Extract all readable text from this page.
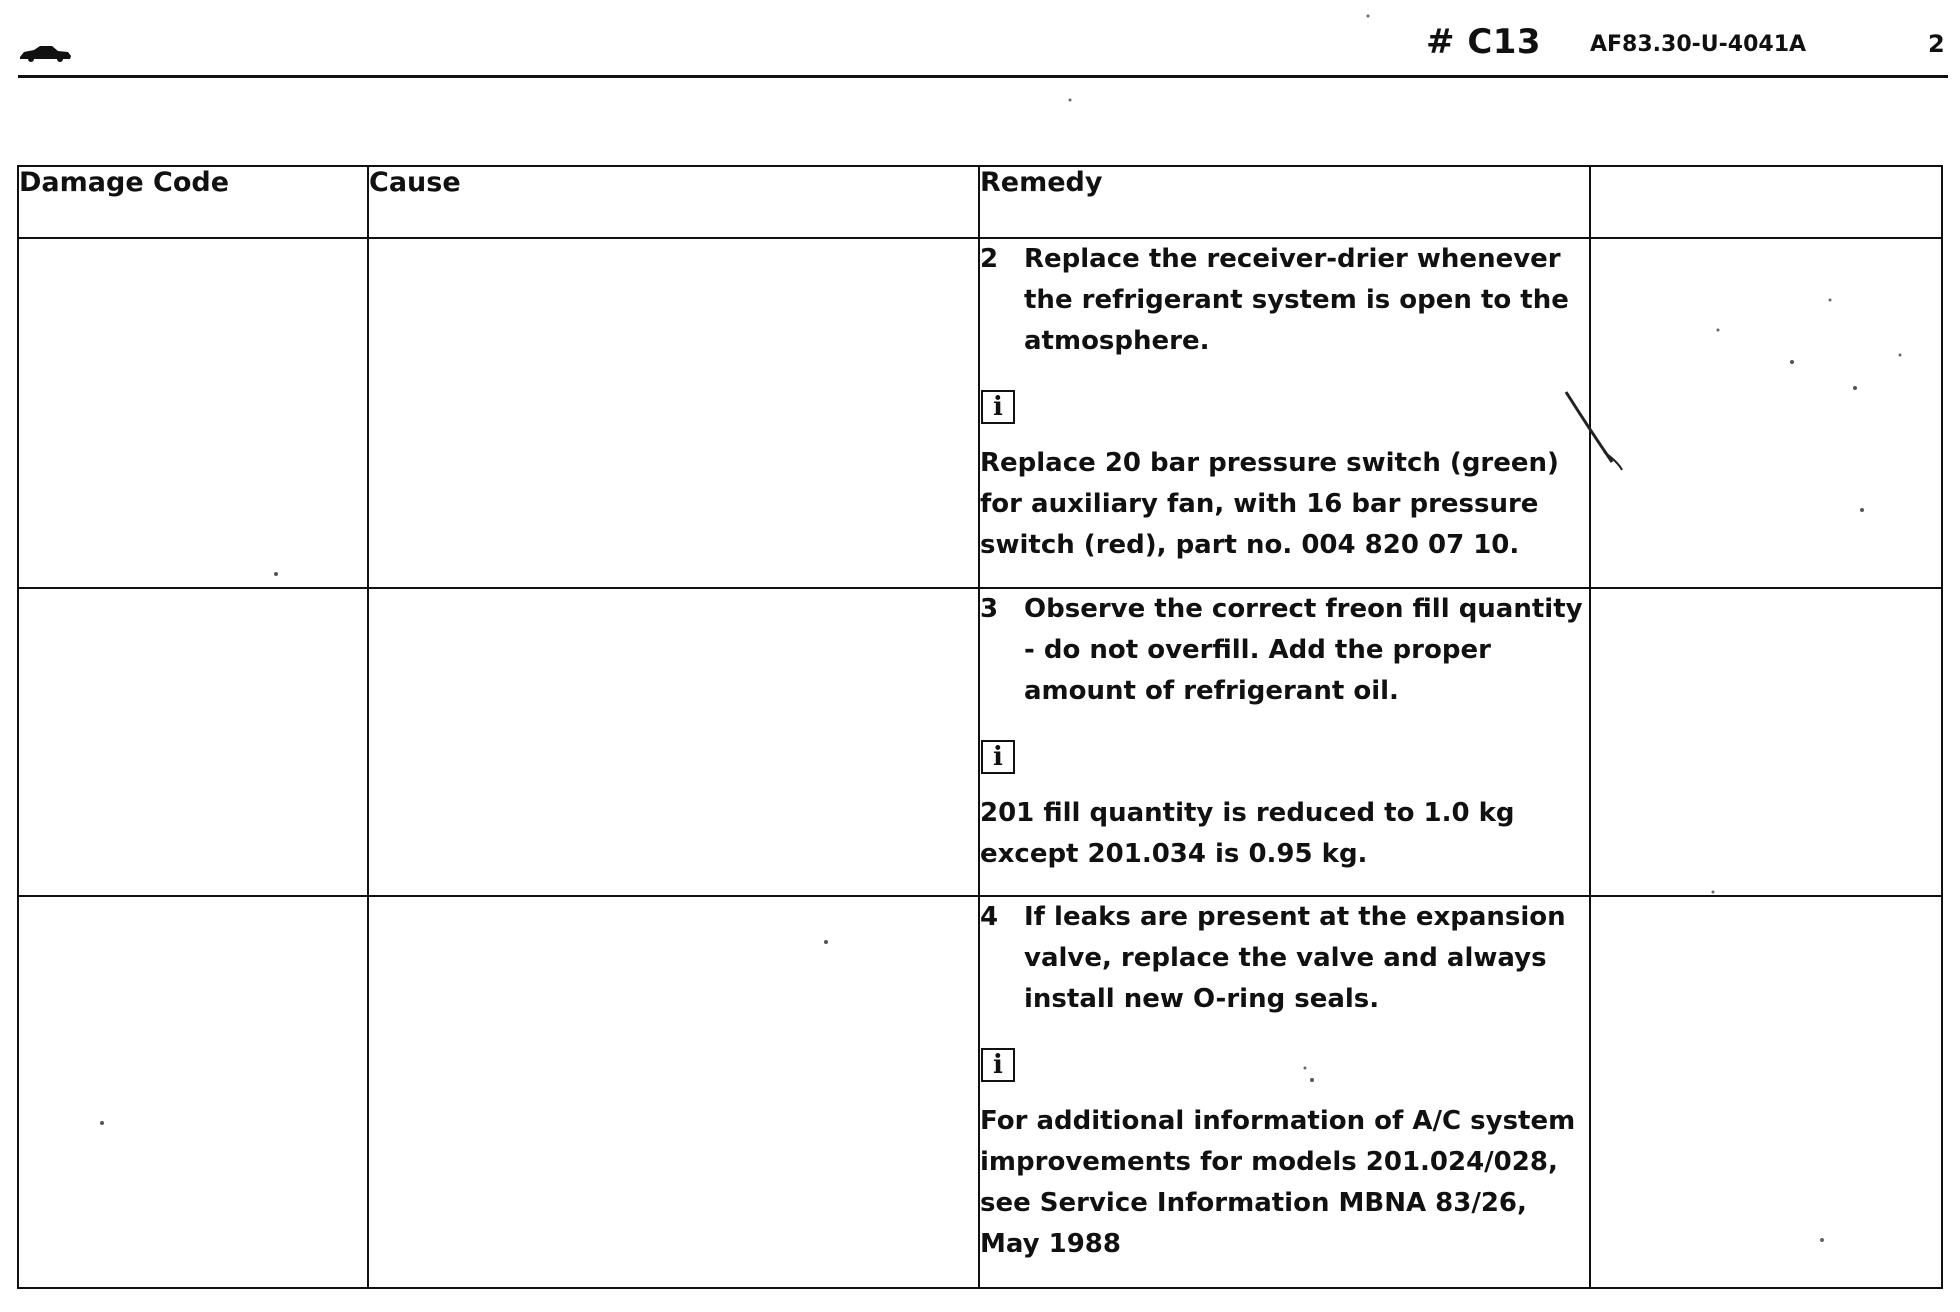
# C13 AF83.30-U-4041A	2
Damage Code	Cause	Remedy	

		2 Replace the receiver-drier whenever the refrigerant system is open to the atmosphere.
i
Replace 20 bar pressure switch (green) for auxiliary fan, with 16 bar pressure switch (red), part no. 004 820 07 10.	

		3 Observe the correct freon fill quantity - do not overfill. Add the proper amount of refrigerant oil.
i
201 fill quantity is reduced to 1.0 kg except 201.034 is 0.95 kg.	

		4 If leaks are present at the expansion valve, replace the valve and always install new O-ring seals.
i
For additional information of A/C system improvements for models 201.024/028, see Service Information MBNA 83/26, May 1988	
